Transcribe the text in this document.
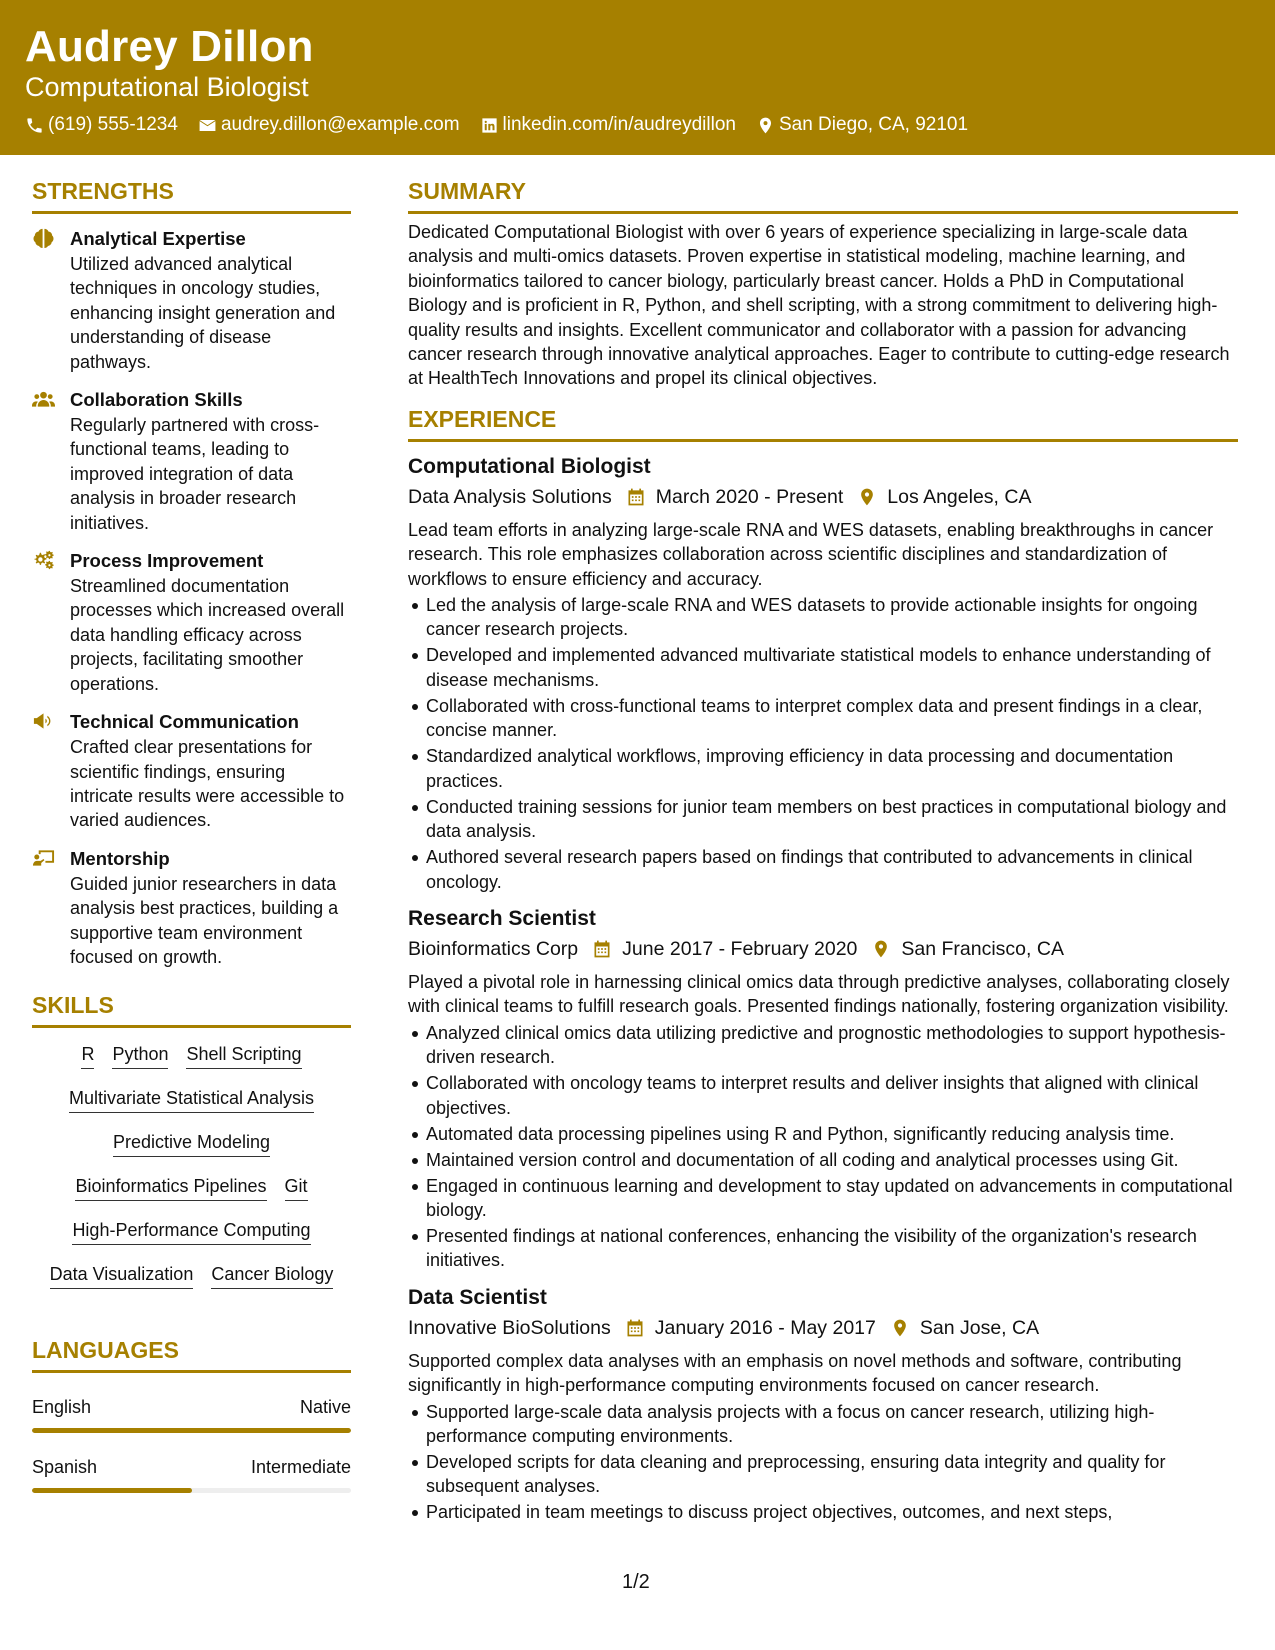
Audrey Dillon
Computational Biologist
(619) 555-1234 audrey.dillon@example.com linkedin.com/in/audreydillon San Diego, CA, 92101
STRENGTHS
Analytical Expertise
Utilized advanced analytical techniques in oncology studies, enhancing insight generation and understanding of disease pathways.
Collaboration Skills
Regularly partnered with cross-functional teams, leading to improved integration of data analysis in broader research initiatives.
Process Improvement
Streamlined documentation processes which increased overall data handling efficacy across projects, facilitating smoother operations.
Technical Communication
Crafted clear presentations for scientific findings, ensuring intricate results were accessible to varied audiences.
Mentorship
Guided junior researchers in data analysis best practices, building a supportive team environment focused on growth.
SKILLS
R Python Shell Scripting
Multivariate Statistical Analysis
Predictive Modeling
Bioinformatics Pipelines Git
High-Performance Computing
Data Visualization Cancer Biology
LANGUAGES
English	Native
Spanish	Intermediate
SUMMARY
Dedicated Computational Biologist with over 6 years of experience specializing in large-scale data analysis and multi-omics datasets. Proven expertise in statistical modeling, machine learning, and bioinformatics tailored to cancer biology, particularly breast cancer. Holds a PhD in Computational Biology and is proficient in R, Python, and shell scripting, with a strong commitment to delivering high-quality results and insights. Excellent communicator and collaborator with a passion for advancing cancer research through innovative analytical approaches. Eager to contribute to cutting-edge research at HealthTech Innovations and propel its clinical objectives.
EXPERIENCE
Computational Biologist
Data Analysis Solutions March 2020 - Present Los Angeles, CA
Lead team efforts in analyzing large-scale RNA and WES datasets, enabling breakthroughs in cancer research. This role emphasizes collaboration across scientific disciplines and standardization of workflows to ensure efficiency and accuracy.
Led the analysis of large-scale RNA and WES datasets to provide actionable insights for ongoing cancer research projects.
Developed and implemented advanced multivariate statistical models to enhance understanding of disease mechanisms.
Collaborated with cross-functional teams to interpret complex data and present findings in a clear, concise manner.
Standardized analytical workflows, improving efficiency in data processing and documentation practices.
Conducted training sessions for junior team members on best practices in computational biology and data analysis.
Authored several research papers based on findings that contributed to advancements in clinical oncology.
Research Scientist
Bioinformatics Corp June 2017 - February 2020 San Francisco, CA
Played a pivotal role in harnessing clinical omics data through predictive analyses, collaborating closely with clinical teams to fulfill research goals. Presented findings nationally, fostering organization visibility.
Analyzed clinical omics data utilizing predictive and prognostic methodologies to support hypothesis-driven research.
Collaborated with oncology teams to interpret results and deliver insights that aligned with clinical objectives.
Automated data processing pipelines using R and Python, significantly reducing analysis time.
Maintained version control and documentation of all coding and analytical processes using Git.
Engaged in continuous learning and development to stay updated on advancements in computational biology.
Presented findings at national conferences, enhancing the visibility of the organization's research initiatives.
Data Scientist
Innovative BioSolutions January 2016 - May 2017 San Jose, CA
Supported complex data analyses with an emphasis on novel methods and software, contributing significantly in high-performance computing environments focused on cancer research.
Supported large-scale data analysis projects with a focus on cancer research, utilizing high-performance computing environments.
Developed scripts for data cleaning and preprocessing, ensuring data integrity and quality for subsequent analyses.
Participated in team meetings to discuss project objectives, outcomes, and next steps,
1/2
